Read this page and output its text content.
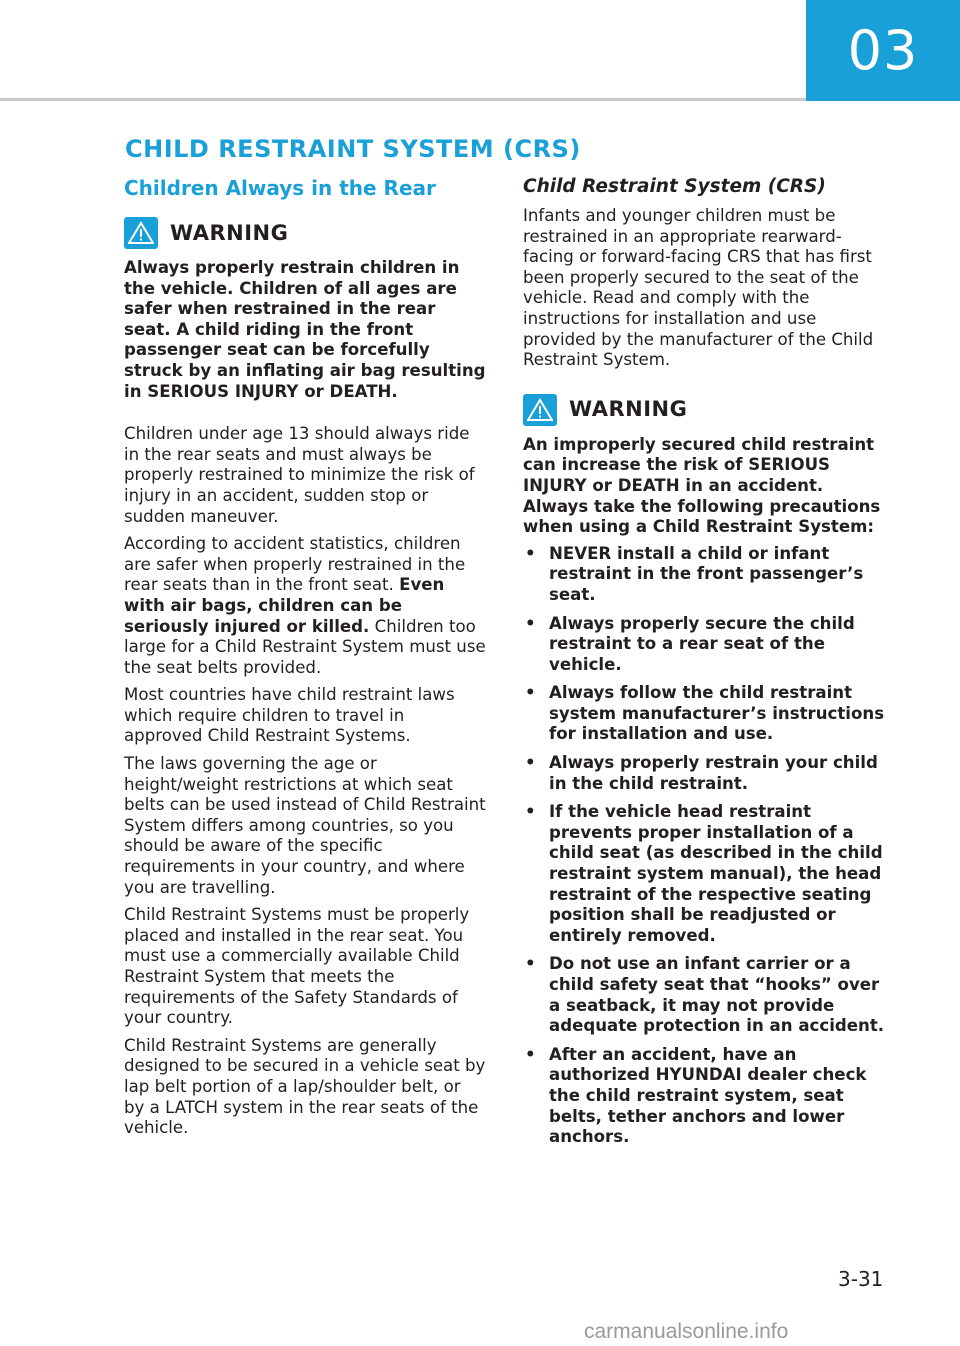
03
CHILD RESTRAINT SYSTEM (CRS)
Children Always in the Rear
WARNING

Always properly restrain children in the vehicle. Children of all ages are safer when restrained in the rear seat. A child riding in the front passenger seat can be forcefully struck by an inflating air bag resulting in SERIOUS INJURY or DEATH.

Children under age 13 should always ride in the rear seats and must always be properly restrained to minimize the risk of injury in an accident, sudden stop or sudden maneuver.

According to accident statistics, children are safer when properly restrained in the rear seats than in the front seat. Even with air bags, children can be seriously injured or killed. Children too large for a Child Restraint System must use the seat belts provided.

Most countries have child restraint laws which require children to travel in approved Child Restraint Systems.

The laws governing the age or height/weight restrictions at which seat belts can be used instead of Child Restraint System differs among countries, so you should be aware of the specific requirements in your country, and where you are travelling.

Child Restraint Systems must be properly placed and installed in the rear seat. You must use a commercially available Child Restraint System that meets the requirements of the Safety Standards of your country.

Child Restraint Systems are generally designed to be secured in a vehicle seat by lap belt portion of a lap/shoulder belt, or by a LATCH system in the rear seats of the vehicle.

Child Restraint System (CRS)

Infants and younger children must be restrained in an appropriate rearward-facing or forward-facing CRS that has first been properly secured to the seat of the vehicle. Read and comply with the instructions for installation and use provided by the manufacturer of the Child Restraint System.

WARNING

An improperly secured child restraint can increase the risk of SERIOUS INJURY or DEATH in an accident. Always take the following precautions when using a Child Restraint System:

• NEVER install a child or infant restraint in the front passenger’s seat.
• Always properly secure the child restraint to a rear seat of the vehicle.
• Always follow the child restraint system manufacturer’s instructions for installation and use.
• Always properly restrain your child in the child restraint.
• If the vehicle head restraint prevents proper installation of a child seat (as described in the child restraint system manual), the head restraint of the respective seating position shall be readjusted or entirely removed.
• Do not use an infant carrier or a child safety seat that “hooks” over a seatback, it may not provide adequate protection in an accident.
• After an accident, have an authorized HYUNDAI dealer check the child restraint system, seat belts, tether anchors and lower anchors.
3-31
carmanualsonline.info
